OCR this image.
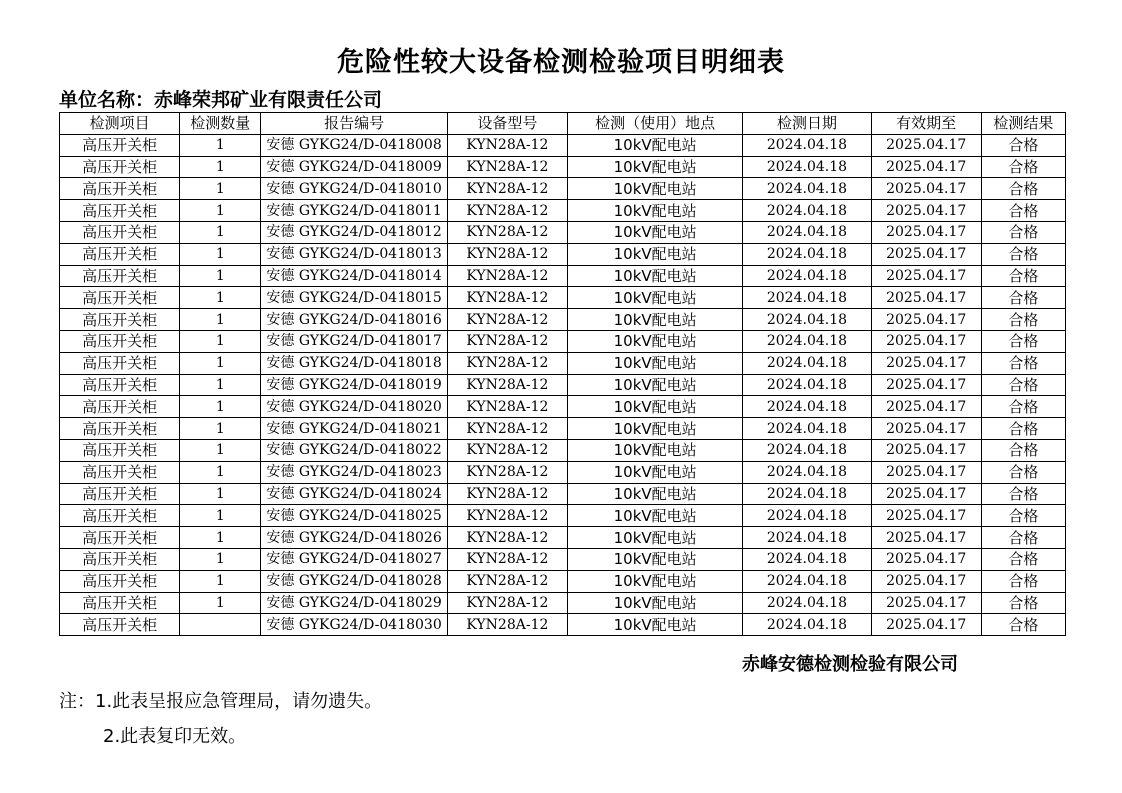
危险性较大设备检测检验项目明细表
单位名称：赤峰荣邦矿业有限责任公司
检测项目	检测数量	报告编号	设备型号	检测（使用）地点	检测日期	有效期至	检测结果
高压开关柜	1	安德 GYKG24/D-0418008	KYN28A-12	10kV配电站	2024.04.18	2025.04.17	合格
高压开关柜	1	安德 GYKG24/D-0418009	KYN28A-12	10kV配电站	2024.04.18	2025.04.17	合格
高压开关柜	1	安德 GYKG24/D-0418010	KYN28A-12	10kV配电站	2024.04.18	2025.04.17	合格
高压开关柜	1	安德 GYKG24/D-0418011	KYN28A-12	10kV配电站	2024.04.18	2025.04.17	合格
高压开关柜	1	安德 GYKG24/D-0418012	KYN28A-12	10kV配电站	2024.04.18	2025.04.17	合格
高压开关柜	1	安德 GYKG24/D-0418013	KYN28A-12	10kV配电站	2024.04.18	2025.04.17	合格
高压开关柜	1	安德 GYKG24/D-0418014	KYN28A-12	10kV配电站	2024.04.18	2025.04.17	合格
高压开关柜	1	安德 GYKG24/D-0418015	KYN28A-12	10kV配电站	2024.04.18	2025.04.17	合格
高压开关柜	1	安德 GYKG24/D-0418016	KYN28A-12	10kV配电站	2024.04.18	2025.04.17	合格
高压开关柜	1	安德 GYKG24/D-0418017	KYN28A-12	10kV配电站	2024.04.18	2025.04.17	合格
高压开关柜	1	安德 GYKG24/D-0418018	KYN28A-12	10kV配电站	2024.04.18	2025.04.17	合格
高压开关柜	1	安德 GYKG24/D-0418019	KYN28A-12	10kV配电站	2024.04.18	2025.04.17	合格
高压开关柜	1	安德 GYKG24/D-0418020	KYN28A-12	10kV配电站	2024.04.18	2025.04.17	合格
高压开关柜	1	安德 GYKG24/D-0418021	KYN28A-12	10kV配电站	2024.04.18	2025.04.17	合格
高压开关柜	1	安德 GYKG24/D-0418022	KYN28A-12	10kV配电站	2024.04.18	2025.04.17	合格
高压开关柜	1	安德 GYKG24/D-0418023	KYN28A-12	10kV配电站	2024.04.18	2025.04.17	合格
高压开关柜	1	安德 GYKG24/D-0418024	KYN28A-12	10kV配电站	2024.04.18	2025.04.17	合格
高压开关柜	1	安德 GYKG24/D-0418025	KYN28A-12	10kV配电站	2024.04.18	2025.04.17	合格
高压开关柜	1	安德 GYKG24/D-0418026	KYN28A-12	10kV配电站	2024.04.18	2025.04.17	合格
高压开关柜	1	安德 GYKG24/D-0418027	KYN28A-12	10kV配电站	2024.04.18	2025.04.17	合格
高压开关柜	1	安德 GYKG24/D-0418028	KYN28A-12	10kV配电站	2024.04.18	2025.04.17	合格
高压开关柜	1	安德 GYKG24/D-0418029	KYN28A-12	10kV配电站	2024.04.18	2025.04.17	合格
高压开关柜		安德 GYKG24/D-0418030	KYN28A-12	10kV配电站	2024.04.18	2025.04.17	合格
赤峰安德检测检验有限公司
注：1.此表呈报应急管理局，请勿遗失。
2.此表复印无效。
